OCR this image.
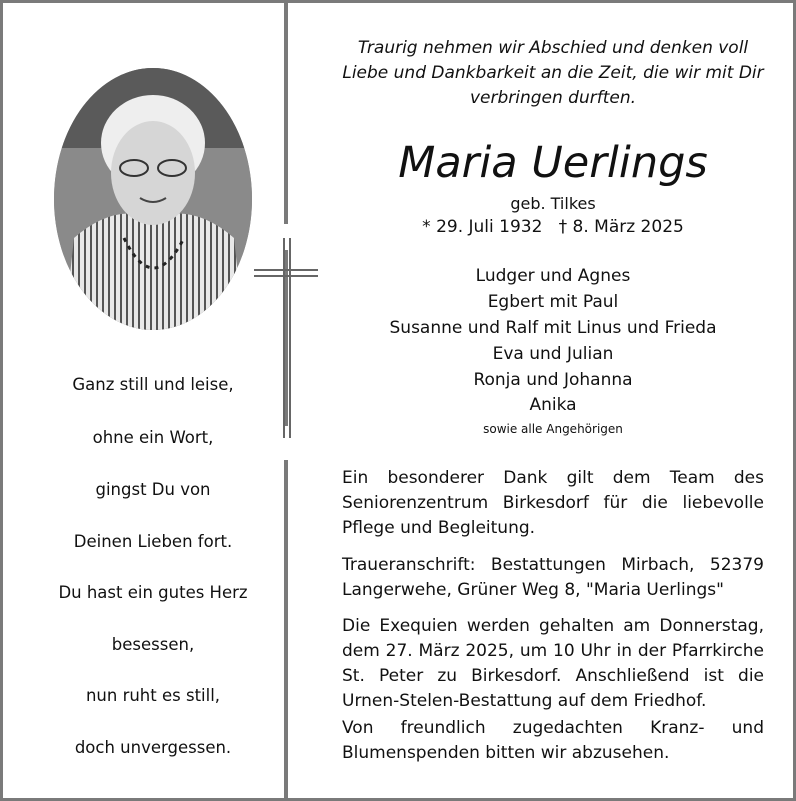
Ganz still und leise,
ohne ein Wort,
gingst Du von
Deinen Lieben fort.
Du hast ein gutes Herz
besessen,
nun ruht es still,
doch unvergessen.
Traurig nehmen wir Abschied und denken voll Liebe und Dankbarkeit an die Zeit, die wir mit Dir verbringen durften.
Maria Uerlings
geb. Tilkes
* 29. Juli 1932   † 8. März 2025
Ludger und Agnes
Egbert mit Paul
Susanne und Ralf mit Linus und Frieda
Eva und Julian
Ronja und Johanna
Anika
sowie alle Angehörigen
Ein besonderer Dank gilt dem Team des Seniorenzentrum Birkesdorf für die liebevolle Pflege und Begleitung.
Traueranschrift: Bestattungen Mirbach, 52379 Langerwehe, Grüner Weg 8, "Maria Uerlings"
Die Exequien werden gehalten am Donnerstag, dem 27. März 2025, um 10 Uhr in der Pfarrkirche St. Peter zu Birkesdorf. Anschließend ist die Urnen-Stelen-Bestattung auf dem Friedhof.
Von freundlich zugedachten Kranz- und Blumenspenden bitten wir abzusehen.
